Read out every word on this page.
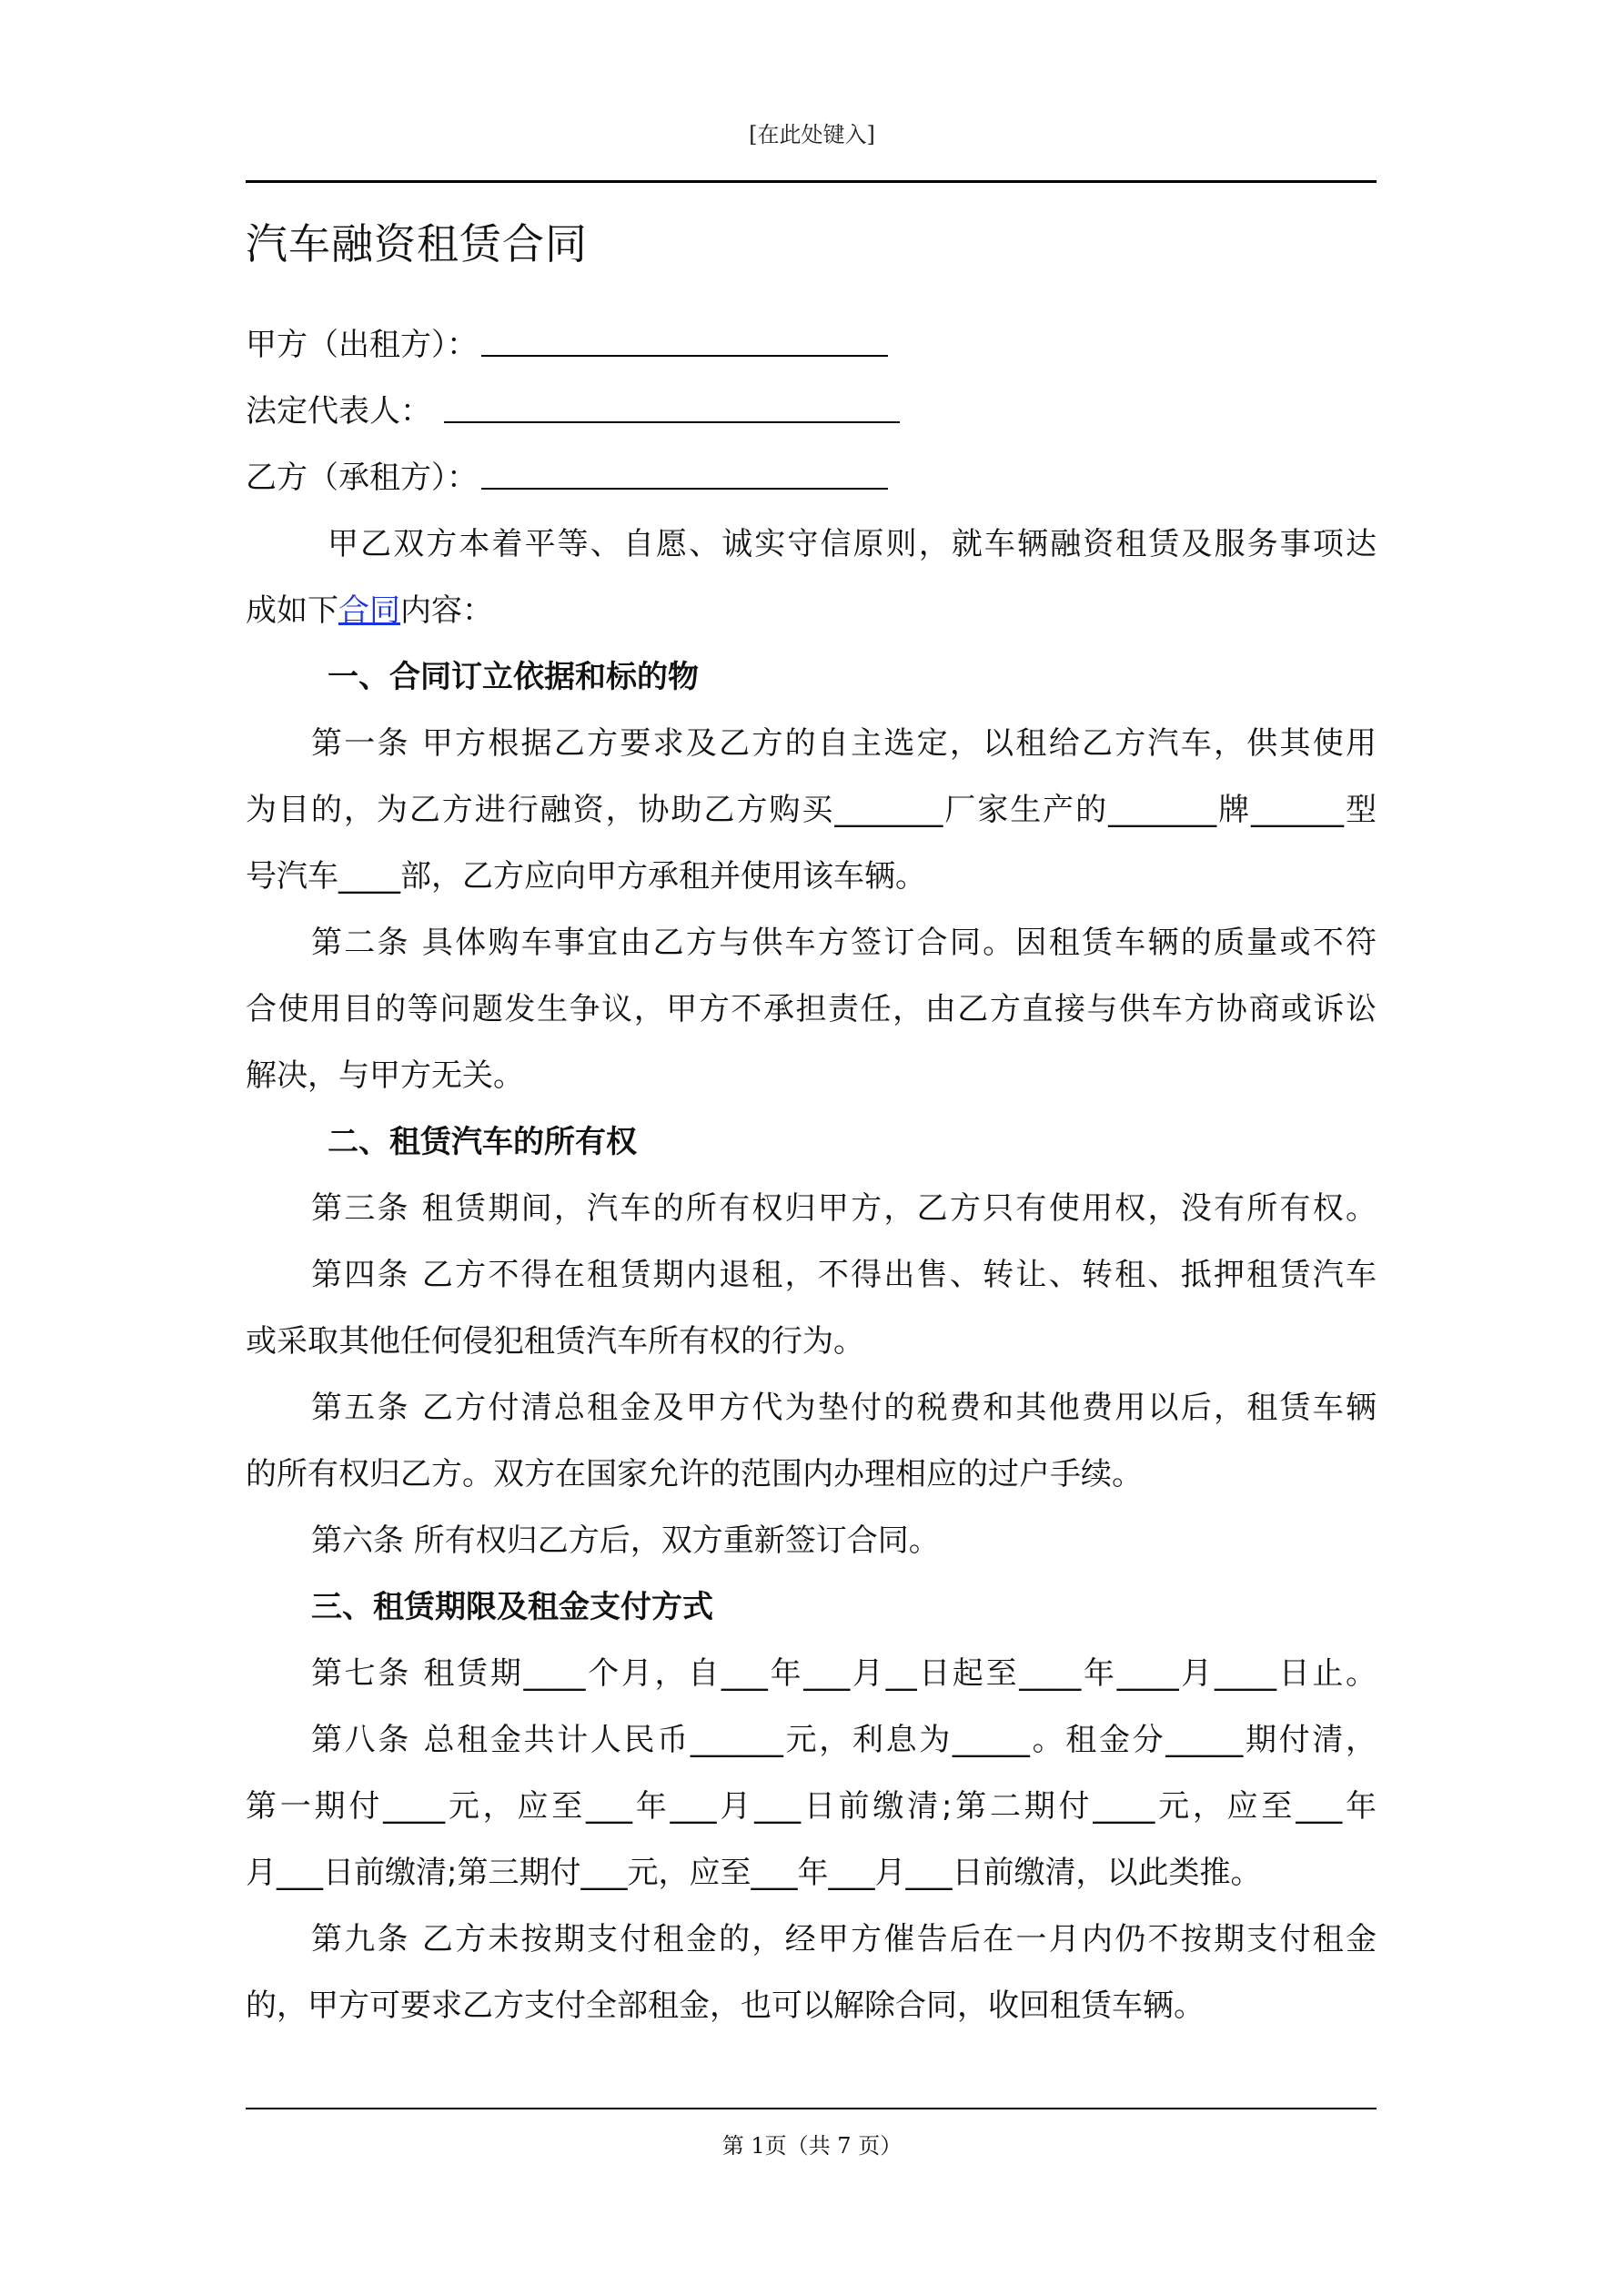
[在此处键入]
汽车融资租赁合同
甲方（出租方）：
法定代表人：
乙方（承租方）：
甲乙双方本着平等、自愿、诚实守信原则，就车辆融资租赁及服务事项达
成如下合同内容：
一、合同订立依据和标的物
第一条 甲方根据乙方要求及乙方的自主选定，以租给乙方汽车，供其使用
为目的，为乙方进行融资，协助乙方购买_______厂家生产的_______牌______型
号汽车____部，乙方应向甲方承租并使用该车辆。
第二条 具体购车事宜由乙方与供车方签订合同。因租赁车辆的质量或不符
合使用目的等问题发生争议，甲方不承担责任，由乙方直接与供车方协商或诉讼
解决，与甲方无关。
二、租赁汽车的所有权
第三条 租赁期间，汽车的所有权归甲方，乙方只有使用权，没有所有权。
第四条 乙方不得在租赁期内退租，不得出售、转让、转租、抵押租赁汽车
或采取其他任何侵犯租赁汽车所有权的行为。
第五条 乙方付清总租金及甲方代为垫付的税费和其他费用以后，租赁车辆
的所有权归乙方。双方在国家允许的范围内办理相应的过户手续。
第六条 所有权归乙方后，双方重新签订合同。
三、租赁期限及租金支付方式
第七条 租赁期____个月，自___年___月__日起至____年____月____日止。
第八条 总租金共计人民币______元，利息为_____。租金分_____期付清，
第一期付____元，应至___年___月___日前缴清;第二期付____元，应至___年
月___日前缴清;第三期付___元，应至___年___月___日前缴清，以此类推。
第九条 乙方未按期支付租金的，经甲方催告后在一月内仍不按期支付租金
的，甲方可要求乙方支付全部租金，也可以解除合同，收回租赁车辆。
第 1页（共 7 页）
